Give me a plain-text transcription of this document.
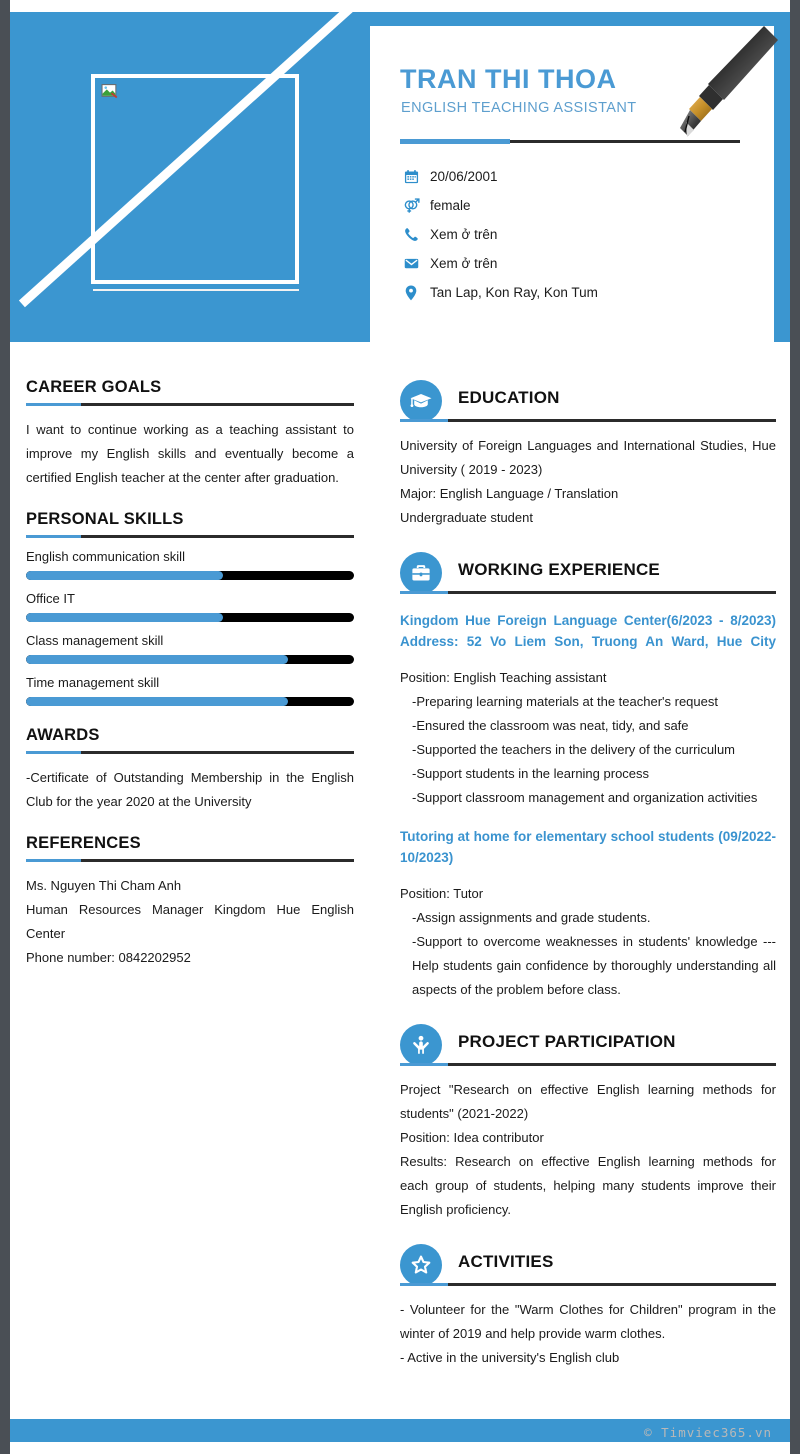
TRAN THI THOA
ENGLISH TEACHING ASSISTANT
20/06/2001
female
Xem ở trên
Xem ở trên
Tan Lap, Kon Ray, Kon Tum
CAREER GOALS
I want to continue working as a teaching assistant to improve my English skills and eventually become a certified English teacher at the center after graduation.
PERSONAL SKILLS
English communication skill
Office IT
Class management skill
Time management skill
AWARDS
-Certificate of Outstanding Membership in the English Club for the year 2020 at the University
REFERENCES
Ms. Nguyen Thi Cham Anh
Human Resources Manager Kingdom Hue English Center
Phone number: 0842202952
EDUCATION
University of Foreign Languages and International Studies, Hue University ( 2019 - 2023)
Major: English Language / Translation
Undergraduate student
WORKING EXPERIENCE
Kingdom Hue Foreign Language Center(6/2023 - 8/2023) Address: 52 Vo Liem Son, Truong An Ward, Hue City
Position: English Teaching assistant
-Preparing learning materials at the teacher's request
-Ensured the classroom was neat, tidy, and safe
-Supported the teachers in the delivery of the curriculum
-Support students in the learning process
-Support classroom management and organization activities
Tutoring at home for elementary school students (09/2022-10/2023)
Position: Tutor
-Assign assignments and grade students.
-Support to overcome weaknesses in students' knowledge --- Help students gain confidence by thoroughly understanding all aspects of the problem before class.
PROJECT PARTICIPATION
Project "Research on effective English learning methods for students" (2021-2022)
Position: Idea contributor
Results: Research on effective English learning methods for each group of students, helping many students improve their English proficiency.
ACTIVITIES
- Volunteer for the "Warm Clothes for Children" program in the winter of 2019 and help provide warm clothes.
- Active in the university's English club
© Timviec365.vn
